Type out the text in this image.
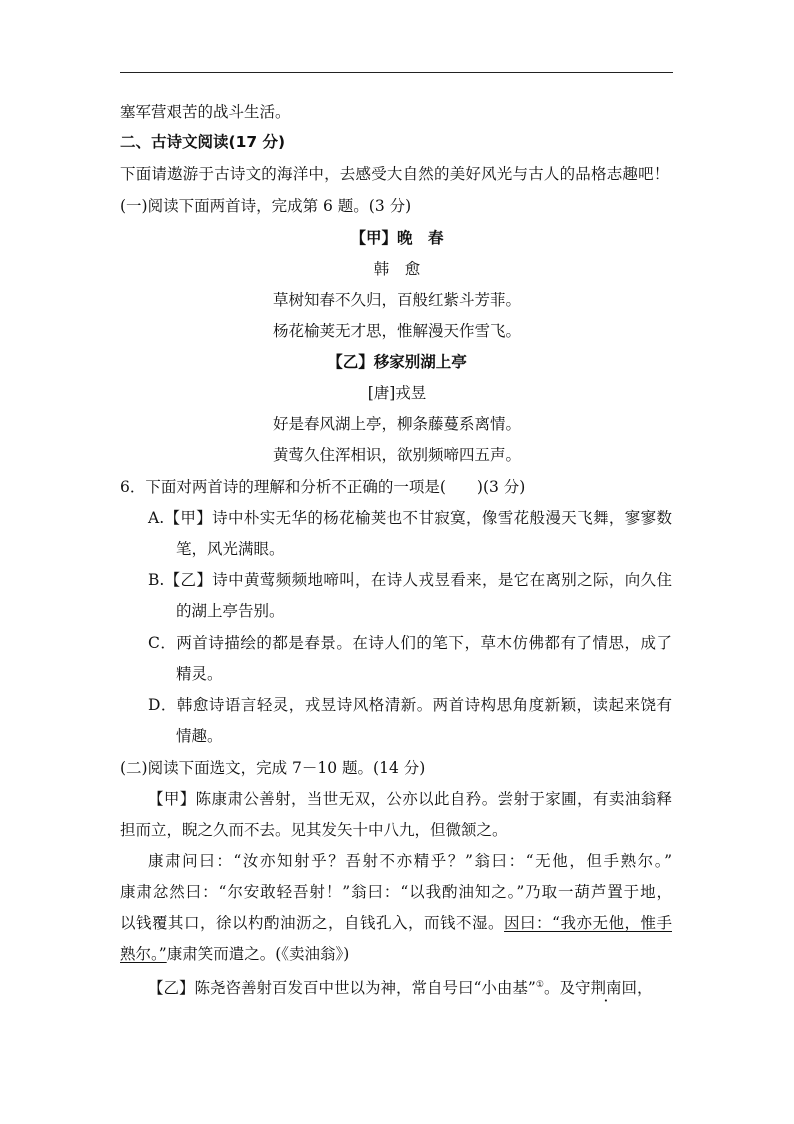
塞军营艰苦的战斗生活。
二、古诗文阅读(17 分)
下面请遨游于古诗文的海洋中，去感受大自然的美好风光与古人的品格志趣吧！
(一)阅读下面两首诗，完成第 6 题。(3 分)
【甲】晚　春
韩　愈
草树知春不久归，百般红紫斗芳菲。
杨花榆荚无才思，惟解漫天作雪飞。
【乙】移家别湖上亭
[唐]戎昱
好是春风湖上亭，柳条藤蔓系离情。
黄莺久住浑相识，欲别频啼四五声。
6．下面对两首诗的理解和分析不正确的一项是(　　)(3 分)
A.【甲】诗中朴实无华的杨花榆荚也不甘寂寞，像雪花般漫天飞舞，寥寥数
笔，风光满眼。
B.【乙】诗中黄莺频频地啼叫，在诗人戎昱看来，是它在离别之际，向久住
的湖上亭告别。
C．两首诗描绘的都是春景。在诗人们的笔下，草木仿佛都有了情思，成了
精灵。
D．韩愈诗语言轻灵，戎昱诗风格清新。两首诗构思角度新颖，读起来饶有
情趣。
(二)阅读下面选文，完成 7－10 题。(14 分)
【甲】陈康肃公善射，当世无双，公亦以此自矜。尝射于家圃，有卖油翁释
担而立，睨之久而不去。见其发矢十中八九，但微颔之。
康肃问曰：“汝亦知射乎？吾射不亦精乎？”翁曰：“无他，但手熟尔。”
康肃忿然曰：“尔安敢轻吾射！”翁曰：“以我酌油知之。”乃取一葫芦置于地，
以钱覆其口，徐以杓酌油沥之，自钱孔入，而钱不湿。因曰：“我亦无他，惟手
熟尔。”康肃笑而遣之。(《卖油翁》)
【乙】陈尧咨善射百发百中世以为神，常自号曰“小由基”①。及守荆南回， ·
